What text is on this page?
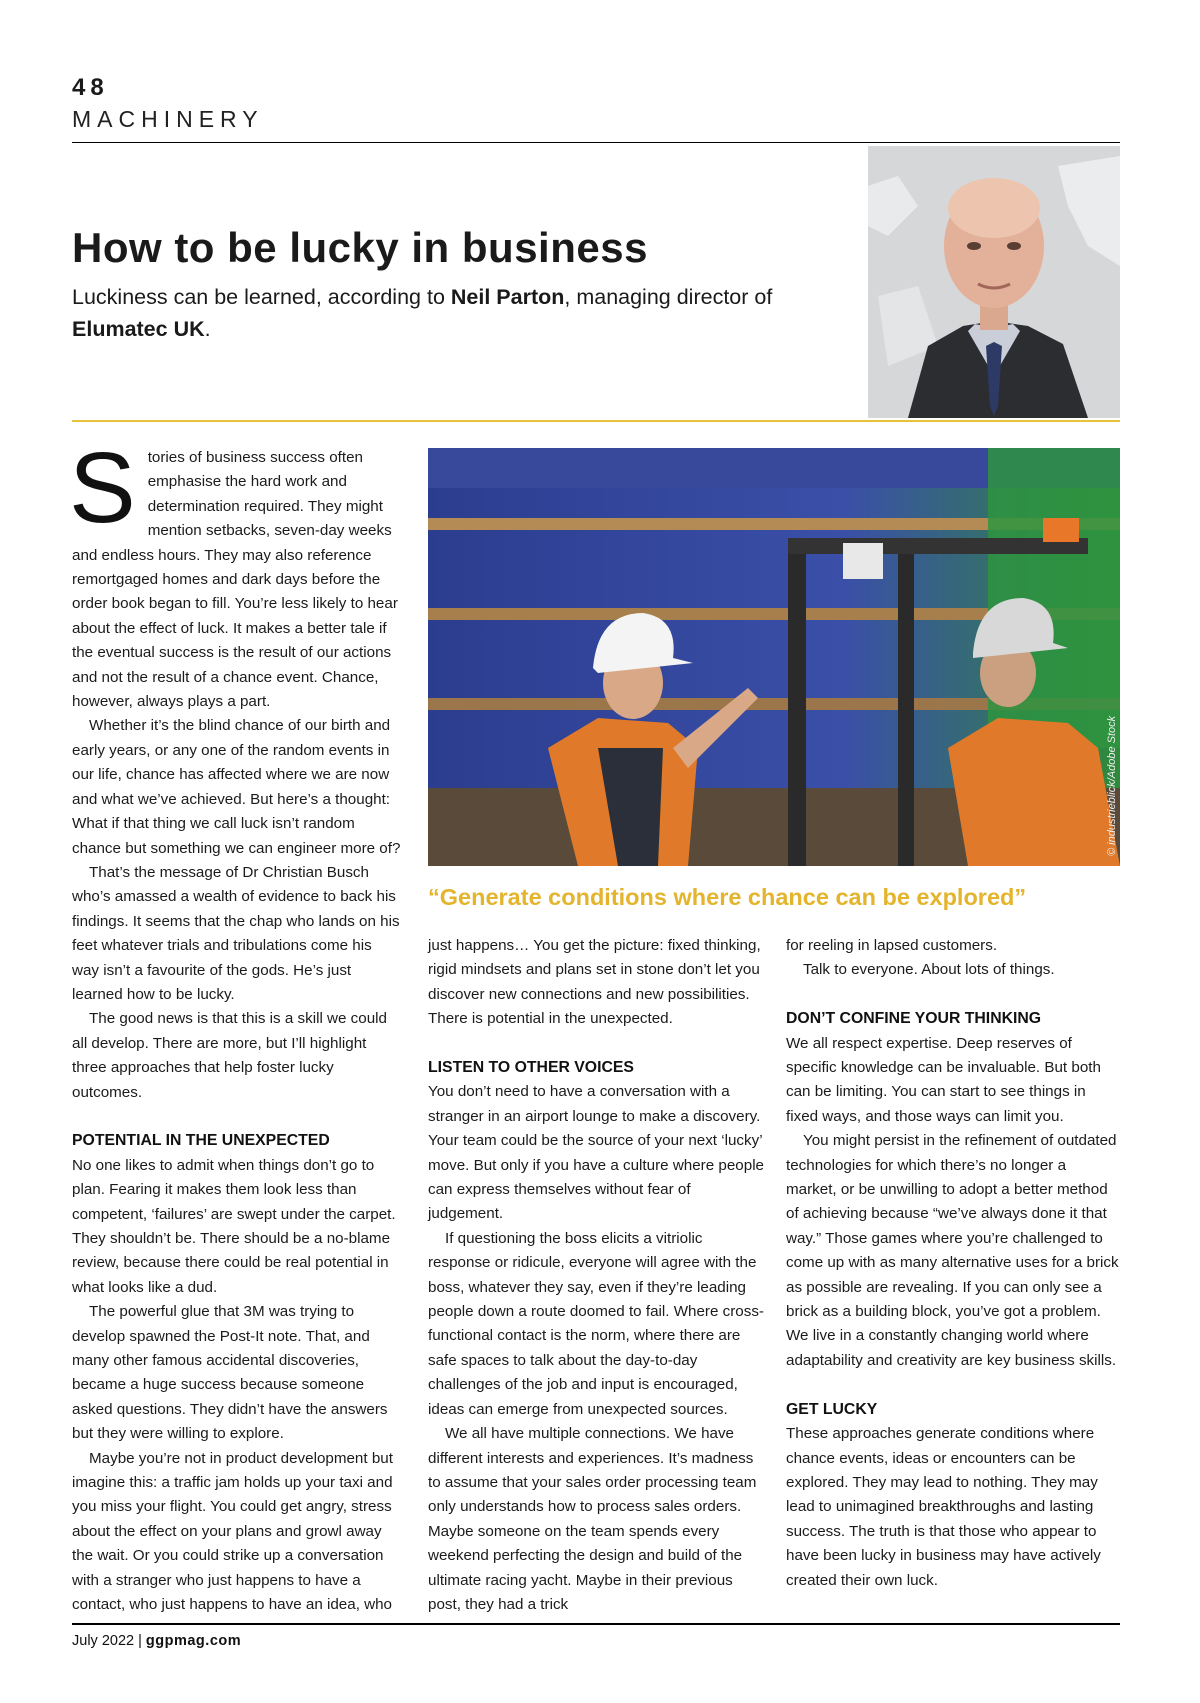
48
MACHINERY
How to be lucky in business
Luckiness can be learned, according to Neil Parton, managing director of Elumatec UK.
S tories of business success often emphasise the hard work and determination required. They might mention setbacks, seven-day weeks and endless hours. They may also reference remortgaged homes and dark days before the order book began to fill. You’re less likely to hear about the effect of luck. It makes a better tale if the eventual success is the result of our actions and not the result of a chance event. Chance, however, always plays a part.

Whether it’s the blind chance of our birth and early years, or any one of the random events in our life, chance has affected where we are now and what we’ve achieved. But here’s a thought: What if that thing we call luck isn’t random chance but something we can engineer more of?

That’s the message of Dr Christian Busch who’s amassed a wealth of evidence to back his findings. It seems that the chap who lands on his feet whatever trials and tribulations come his way isn’t a favourite of the gods. He’s just learned how to be lucky.

The good news is that this is a skill we could all develop. There are more, but I’ll highlight three approaches that help foster lucky outcomes.

POTENTIAL IN THE UNEXPECTED

No one likes to admit when things don’t go to plan. Fearing it makes them look less than competent, ‘failures’ are swept under the carpet. They shouldn’t be. There should be a no-blame review, because there could be real potential in what looks like a dud.

The powerful glue that 3M was trying to develop spawned the Post-It note. That, and many other famous accidental discoveries, became a huge success because someone asked questions. They didn’t have the answers but they were willing to explore.

Maybe you’re not in product development but imagine this: a traffic jam holds up your taxi and you miss your flight. You could get angry, stress about the effect on your plans and growl away the wait. Or you could strike up a conversation with a stranger who just happens to have a contact, who just happens to have an idea, who

© industrieblick/Adobe Stock
“Generate conditions where chance can be explored”

just happens… You get the picture: fixed thinking, rigid mindsets and plans set in stone don’t let you discover new connections and new possibilities. There is potential in the unexpected.

LISTEN TO OTHER VOICES

You don’t need to have a conversation with a stranger in an airport lounge to make a discovery. Your team could be the source of your next ‘lucky’ move. But only if you have a culture where people can express themselves without fear of judgement.

If questioning the boss elicits a vitriolic response or ridicule, everyone will agree with the boss, whatever they say, even if they’re leading people down a route doomed to fail. Where cross-functional contact is the norm, where there are safe spaces to talk about the day-to-day challenges of the job and input is encouraged, ideas can emerge from unexpected sources.

We all have multiple connections. We have different interests and experiences. It’s madness to assume that your sales order processing team only understands how to process sales orders. Maybe someone on the team spends every weekend perfecting the design and build of the ultimate racing yacht. Maybe in their previous post, they had a trick

for reeling in lapsed customers.

Talk to everyone. About lots of things.

DON’T CONFINE YOUR THINKING

We all respect expertise. Deep reserves of specific knowledge can be invaluable. But both can be limiting. You can start to see things in fixed ways, and those ways can limit you.

You might persist in the refinement of outdated technologies for which there’s no longer a market, or be unwilling to adopt a better method of achieving because “we’ve always done it that way.” Those games where you’re challenged to come up with as many alternative uses for a brick as possible are revealing. If you can only see a brick as a building block, you’ve got a problem. We live in a constantly changing world where adaptability and creativity are key business skills.

GET LUCKY

These approaches generate conditions where chance events, ideas or encounters can be explored. They may lead to nothing. They may lead to unimagined breakthroughs and lasting success. The truth is that those who appear to have been lucky in business may have actively created their own luck.

July 2022 | ggpmag.com
